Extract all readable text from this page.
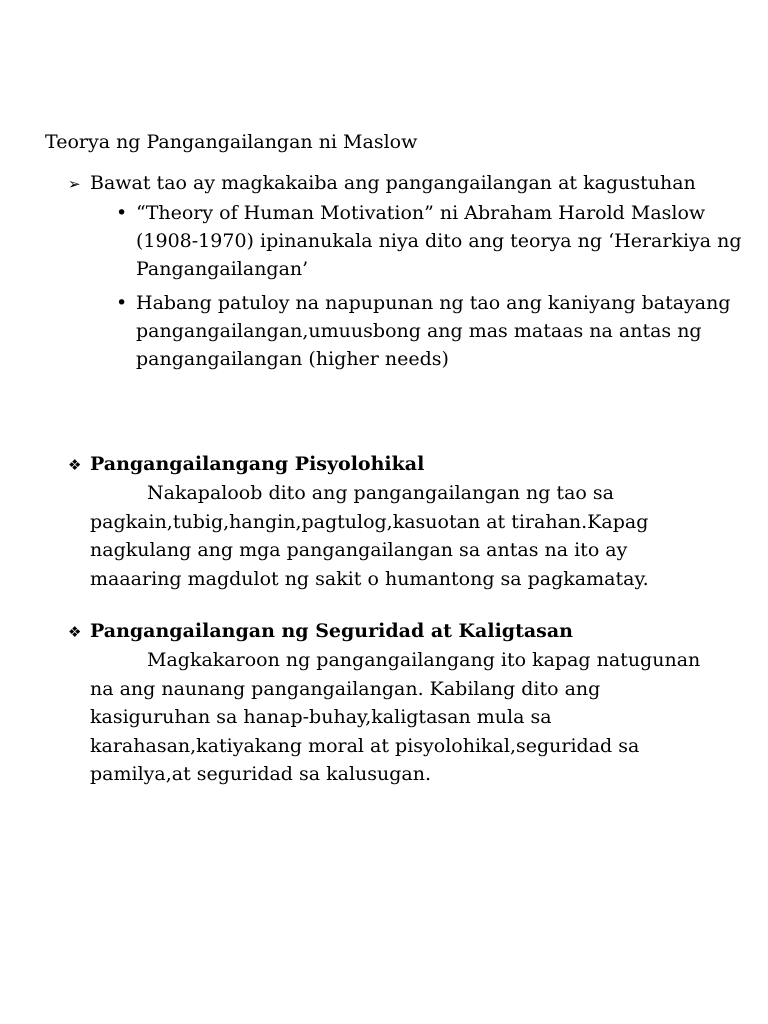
Teorya ng Pangangailangan ni Maslow
➢ Bawat tao ay magkakaiba ang pangangailangan at kagustuhan
• “Theory of Human Motivation” ni Abraham Harold Maslow (1908-1970) ipinanukala niya dito ang teorya ng ‘Herarkiya ng Pangangailangan’
• Habang patuloy na napupunan ng tao ang kaniyang batayang pangangailangan,umuusbong ang mas mataas na antas ng pangangailangan (higher needs)
❖ Pangangailangang Pisyolohikal
Nakapaloob dito ang pangangailangan ng tao sa pagkain,tubig,hangin,pagtulog,kasuotan at tirahan.Kapag nagkulang ang mga pangangailangan sa antas na ito ay maaaring magdulot ng sakit o humantong sa pagkamatay.
❖ Pangangailangan ng Seguridad at Kaligtasan
Magkakaroon ng pangangailangang ito kapag natugunan na ang naunang pangangailangan. Kabilang dito ang kasiguruhan sa hanap-buhay,kaligtasan mula sa karahasan,katiyakang moral at pisyolohikal,seguridad sa pamilya,at seguridad sa kalusugan.
